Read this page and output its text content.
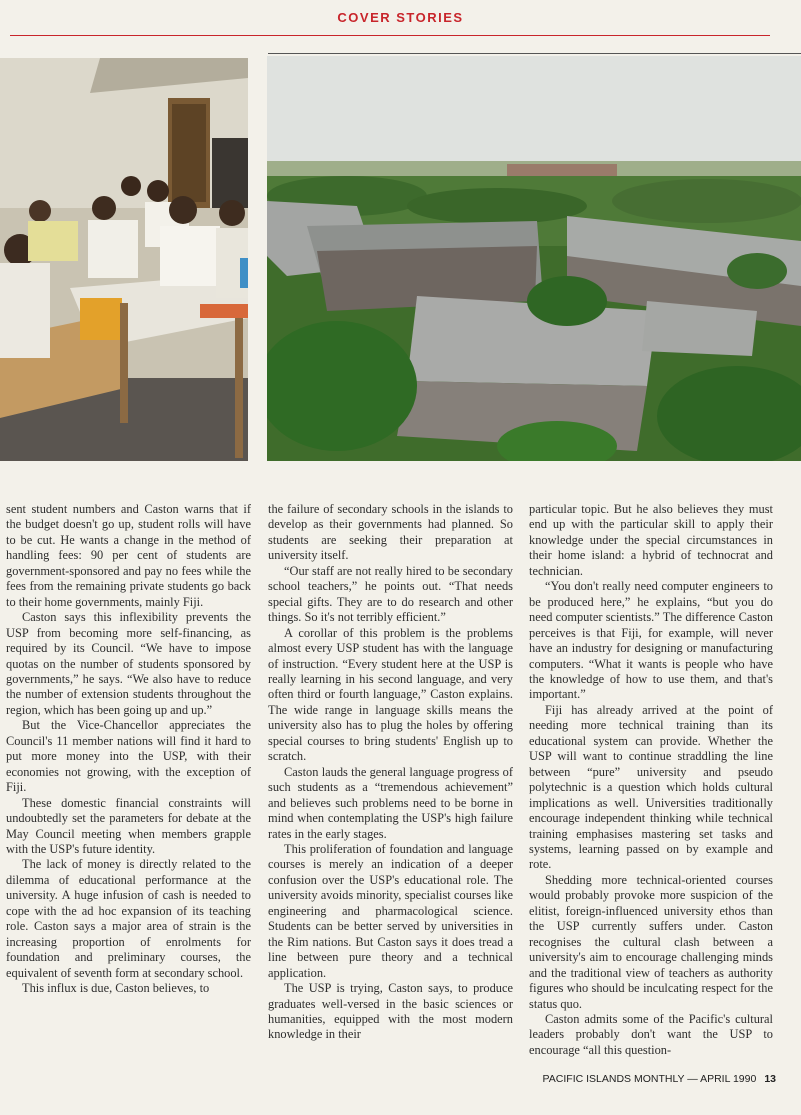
COVER STORIES

sent student numbers and Caston warns that if the budget doesn't go up, student rolls will have to be cut. He wants a change in the method of handling fees: 90 per cent of students are government-sponsored and pay no fees while the fees from the remaining private students go back to their home governments, mainly Fiji.

Caston says this inflexibility prevents the USP from becoming more self-financing, as required by its Council. “We have to impose quotas on the number of students sponsored by governments,” he says. “We also have to reduce the number of extension students throughout the region, which has been going up and up.”

But the Vice-Chancellor appreciates the Council's 11 member nations will find it hard to put more money into the USP, with their economies not growing, with the exception of Fiji.

These domestic financial constraints will undoubtedly set the parameters for debate at the May Council meeting when members grapple with the USP's future identity.

The lack of money is directly related to the dilemma of educational performance at the university. A huge infusion of cash is needed to cope with the ad hoc expansion of its teaching role. Caston says a major area of strain is the increasing proportion of enrolments for foundation and preliminary courses, the equivalent of seventh form at secondary school.

This influx is due, Caston believes, to

the failure of secondary schools in the islands to develop as their governments had planned. So students are seeking their preparation at university itself.

“Our staff are not really hired to be secondary school teachers,” he points out. “That needs special gifts. They are to do research and other things. So it's not terribly efficient.”

A corollar of this problem is the problems almost every USP student has with the language of instruction. “Every student here at the USP is really learning in his second language, and very often third or fourth language,” Caston explains. The wide range in language skills means the university also has to plug the holes by offering special courses to bring students' English up to scratch.

Caston lauds the general language progress of such students as a “tremendous achievement” and believes such problems need to be borne in mind when contemplating the USP's high failure rates in the early stages.

This proliferation of foundation and language courses is merely an indication of a deeper confusion over the USP's educational role. The university avoids minority, specialist courses like engineering and pharmacological science. Students can be better served by universities in the Rim nations. But Caston says it does tread a line between pure theory and a technical application.

The USP is trying, Caston says, to produce graduates well-versed in the basic sciences or humanities, equipped with the most modern knowledge in their

particular topic. But he also believes they must end up with the particular skill to apply their knowledge under the special circumstances in their home island: a hybrid of technocrat and technician.

“You don't really need computer engineers to be produced here,” he explains, “but you do need computer scientists.” The difference Caston perceives is that Fiji, for example, will never have an industry for designing or manufacturing computers. “What it wants is people who have the knowledge of how to use them, and that's important.”

Fiji has already arrived at the point of needing more technical training than its educational system can provide. Whether the USP will want to continue straddling the line between “pure” university and pseudo polytechnic is a question which holds cultural implications as well. Universities traditionally encourage independent thinking while technical training emphasises mastering set tasks and systems, learning passed on by example and rote.

Shedding more technical-oriented courses would probably provoke more suspicion of the elitist, foreign-influenced university ethos than the USP currently suffers under. Caston recognises the cultural clash between a university's aim to encourage challenging minds and the traditional view of teachers as authority figures who should be inculcating respect for the status quo.

Caston admits some of the Pacific's cultural leaders probably don't want the USP to encourage “all this question-

PACIFIC ISLANDS MONTHLY — APRIL 1990 13
